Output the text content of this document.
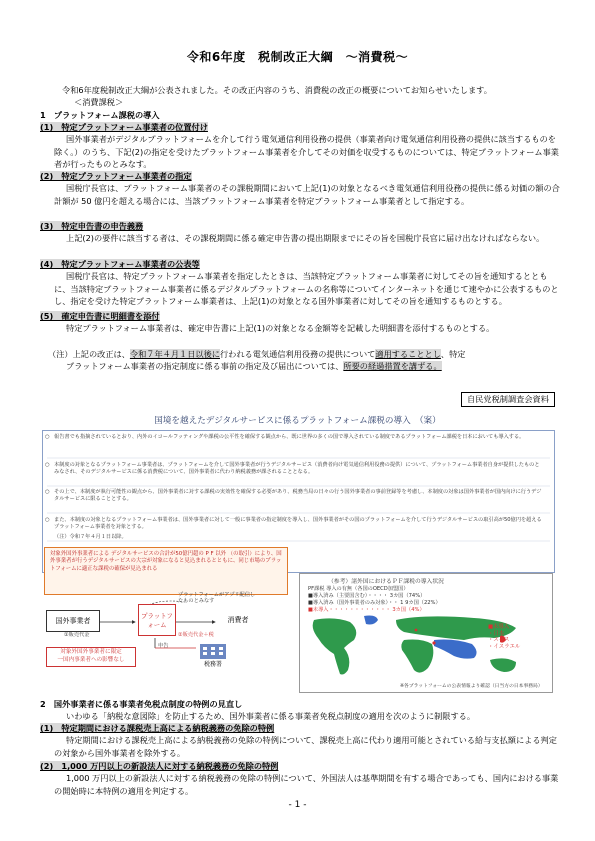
令和6年度　税制改正大綱　～消費税～
令和6年度税制改正大綱が公表されました。その改正内容のうち、消費税の改正の概要についてお知らせいたします。
＜消費課税＞
1　プラットフォーム課税の導入
(1)　特定プラットフォーム事業者の位置付け
国外事業者がデジタルプラットフォームを介して行う電気通信利用役務の提供（事業者向け電気通信利用役務の提供に該当するものを除く。）のうち、下記(2)の指定を受けたプラットフォーム事業者を介してその対価を収受するものについては、特定プラットフォーム事業者が行ったものとみなす。
(2)　特定プラットフォーム事業者の指定
国税庁長官は、プラットフォーム事業者のその課税期間において上記(1)の対象となるべき電気通信利用役務の提供に係る対価の額の合計額が 50 億円を超える場合には、当該プラットフォーム事業者を特定プラットフォーム事業者として指定する。
(3)　特定申告書の申告義務
上記(2)の要件に該当する者は、その課税期間に係る確定申告書の提出期限までにその旨を国税庁長官に届け出なければならない。
(4)　特定プラットフォーム事業者の公表等
国税庁長官は、特定プラットフォーム事業者を指定したときは、当該特定プラットフォーム事業者に対してその旨を通知するとともに、当該特定プラットフォーム事業者に係るデジタルプラットフォームの名称等についてインターネットを通じて速やかに公表するものとし、指定を受けた特定プラットフォーム事業者は、上記(1)の対象となる国外事業者に対してその旨を通知するものとする。
(5)　確定申告書に明細書を添付
特定プラットフォーム事業者は、確定申告書に上記(1)の対象となる金額等を記載した明細書を添付するものとする。
（注）上記の改正は、令和７年４月１日以後に行われる電気通信利用役務の提供について適用することとし、特定
プラットフォーム事業者の指定制度に係る事前の指定及び届出については、所要の経過措置を講ずる。
自民党税制調査会資料
国境を越えたデジタルサービスに係るプラットフォーム課税の導入　（案）
○ 報告書でも指摘されているとおり、内外のイコールフッティングや課税の公平性を確保する観点から、既に世界の多くの国で導入されている制度であるプラットフォーム課税を日本においても導入する。
○ 本制度の対象となるプラットフォーム事業者は、プラットフォームを介して国外事業者が行うデジタルサービス（消費者向け電気通信利用役務の提供）について、プラットフォーム事業者自身が提供したものとみなされ、そのデジタルサービスに係る消費税について、国外事業者に代わり納税義務が課されることとなる。
○ その上で、本制度が執行可能性の観点から、国外事業者に対する課税の実効性を確保する必要があり、税務当局の日々の行う国外事業者の事前登録等を考慮し、本制度の対象は国外事業者が国内向けに行うデジタルサービスに限ることとする。
○ また、本制度の対象となるプラットフォーム事業者は、国外事業者に対して一般に事業者の指定制度を導入し、国外事業者がその国のプラットフォームを介して行うデジタルサービスの取引高が50億円を超えるプラットフォーム事業者を対象とする。
（注）令和７年４月１日以降。
対象外国外事業者による デジタルサービスの合計が50億円超の P F 以外 （の取引）により、国外事業者が行うデジタルサービスの大宗が対象になると見込まれるとともに、同じ市場のプラットフォームに適正な課税の確保が見込まれる
国外事業者
プラットフォーム
消費者
プラットフォームがアプリ配信したものとみなす
①販売代金	②販売代金＋税
申告
税務署
対象外国外事業者に限定
一国内事業者への影響なし
（参考）諸外国におけるＰＦ課税の導入状況
PF課税 導入の有無（各国のOECD加盟国）
■導入済み（主要国含む）・・・・ 3カ国（74%）
■導入済み（国外事業者のみ対象）・・ 1 9カ国（22%）
■未導入・・・・・・・・・・・・ 3カ国（4%）
■未導入
・日本
・スイス
・イスラエル
※各プラットフォームの公表情報より確認（日当方の日本事務局）
2　国外事業者に係る事業者免税点制度の特例の見直し
いわゆる「納税な意図除」を防止するため、国外事業者に係る事業者免税点制度の適用を次のように制限する。
(1)　特定期間における課税売上高による納税義務の免除の特例
特定期間における課税売上高による納税義務の免除の特例について、課税売上高に代わり適用可能とされている給与支払額による判定の対象から国外事業者を除外する。
(2)　1,000 万円以上の新設法人に対する納税義務の免除の特例
1,000 万円以上の新設法人に対する納税義務の免除の特例について、外国法人は基準期間を有する場合であっても、国内における事業の開始時に本特例の適用を判定する。
- 1 -
